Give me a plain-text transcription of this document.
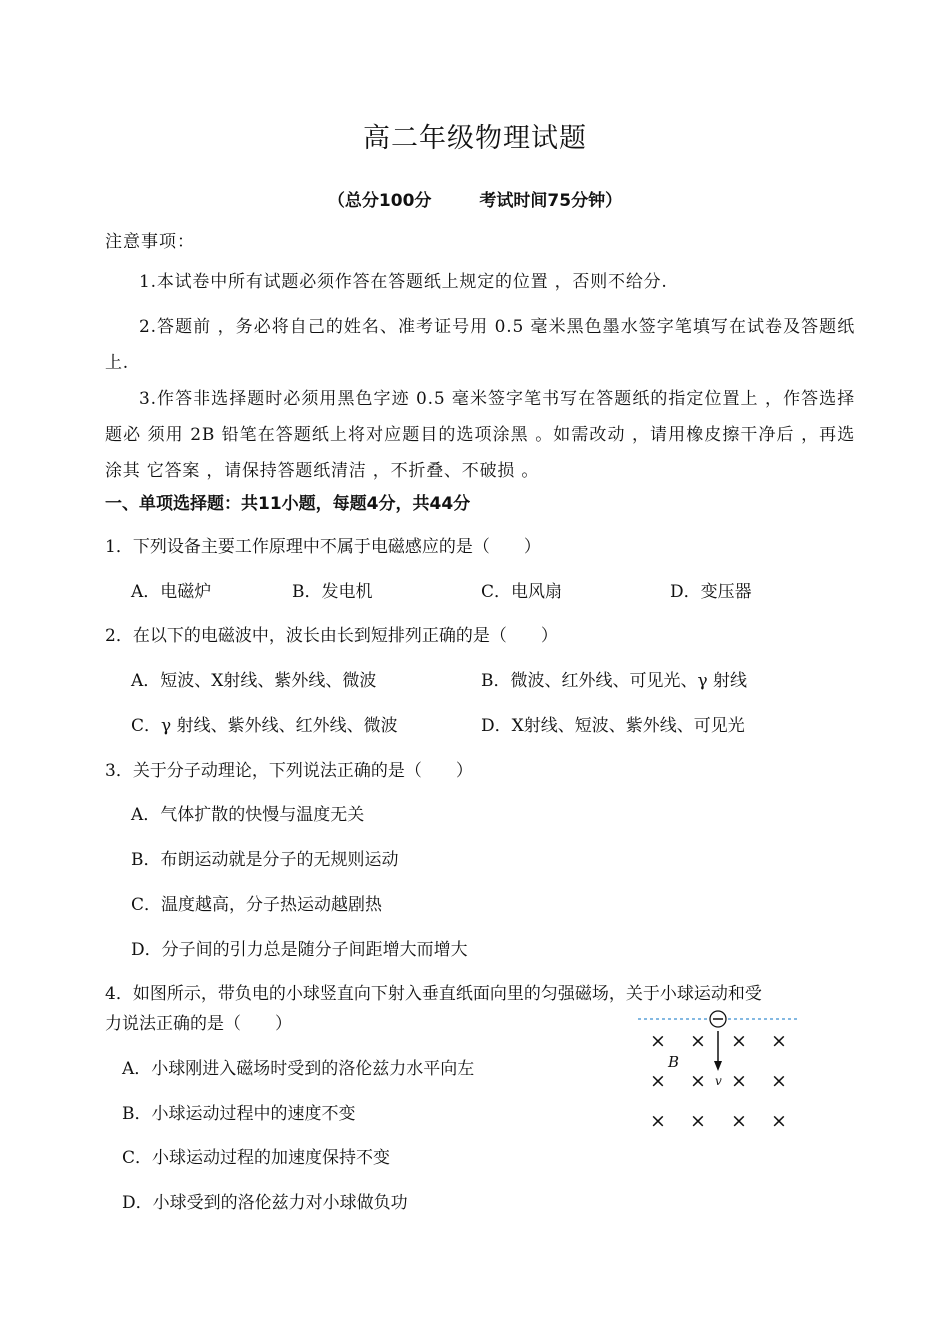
高二年级物理试题
（总分100分	考试时间75分钟）
注意事项：
1.本试卷中所有试题必须作答在答题纸上规定的位置 ，否则不给分.
2.答题前 ，务必将自己的姓名、准考证号用 0.5 毫米黑色墨水签字笔填写在试卷及答题纸上.
3.作答非选择题时必须用黑色字迹 0.5 毫米签字笔书写在答题纸的指定位置上 ，作答选择题必 须用 2B 铅笔在答题纸上将对应题目的选项涂黑 。如需改动 ，请用橡皮擦干净后 ，再选涂其 它答案 ，请保持答题纸清洁 ，不折叠、不破损 。
一、单项选择题：共11小题，每题4分，共44分
1．下列设备主要工作原理中不属于电磁感应的是（　　）
A．电磁炉	B．发电机	C．电风扇	D．变压器
2．在以下的电磁波中，波长由长到短排列正确的是（　　）
A．短波、X射线、紫外线、微波	B．微波、红外线、可见光、γ 射线
C．γ 射线、紫外线、红外线、微波	D．X射线、短波、紫外线、可见光
3．关于分子动理论，下列说法正确的是（　　）
A．气体扩散的快慢与温度无关
B．布朗运动就是分子的无规则运动
C．温度越高，分子热运动越剧热
D．分子间的引力总是随分子间距增大而增大
4．如图所示，带负电的小球竖直向下射入垂直纸面向里的匀强磁场，关于小球运动和受
力说法正确的是（　　）
A．小球刚进入磁场时受到的洛伦兹力水平向左
B．小球运动过程中的速度不变
C．小球运动过程的加速度保持不变
D．小球受到的洛伦兹力对小球做负功
× × × ×
× × × ×
× × × ×
B
v
